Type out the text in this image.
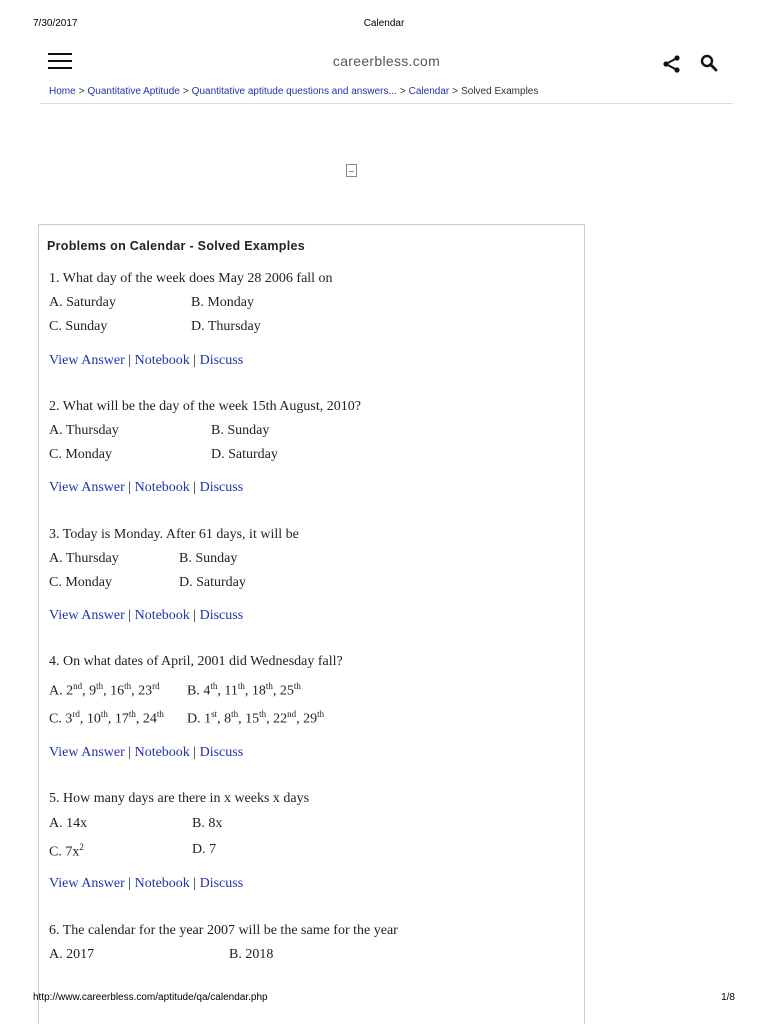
7/30/2017	Calendar
careerbless.com
Home > Quantitative Aptitude > Quantitative aptitude questions and answers... > Calendar > Solved Examples
Problems on Calendar - Solved Examples
1. What day of the week does May 28 2006 fall on
A. Saturday	B. Monday
C. Sunday	D. Thursday
View Answer | Notebook | Discuss
2. What will be the day of the week 15th August, 2010?
A. Thursday	B. Sunday
C. Monday	D. Saturday
View Answer | Notebook | Discuss
3. Today is Monday. After 61 days, it will be
A. Thursday	B. Sunday
C. Monday	D. Saturday
View Answer | Notebook | Discuss
4. On what dates of April, 2001 did Wednesday fall?
A. 2nd, 9th, 16th, 23rd B. 4th, 11th, 18th, 25th
C. 3rd, 10th, 17th, 24th D. 1st, 8th, 15th, 22nd, 29th
View Answer | Notebook | Discuss
5. How many days are there in x weeks x days
A. 14x	B. 8x
C. $7x^2$	D. 7
View Answer | Notebook | Discuss
6. The calendar for the year 2007 will be the same for the year
A. 2017	B. 2018
http://www.careerbless.com/aptitude/qa/calendar.php	1/8
